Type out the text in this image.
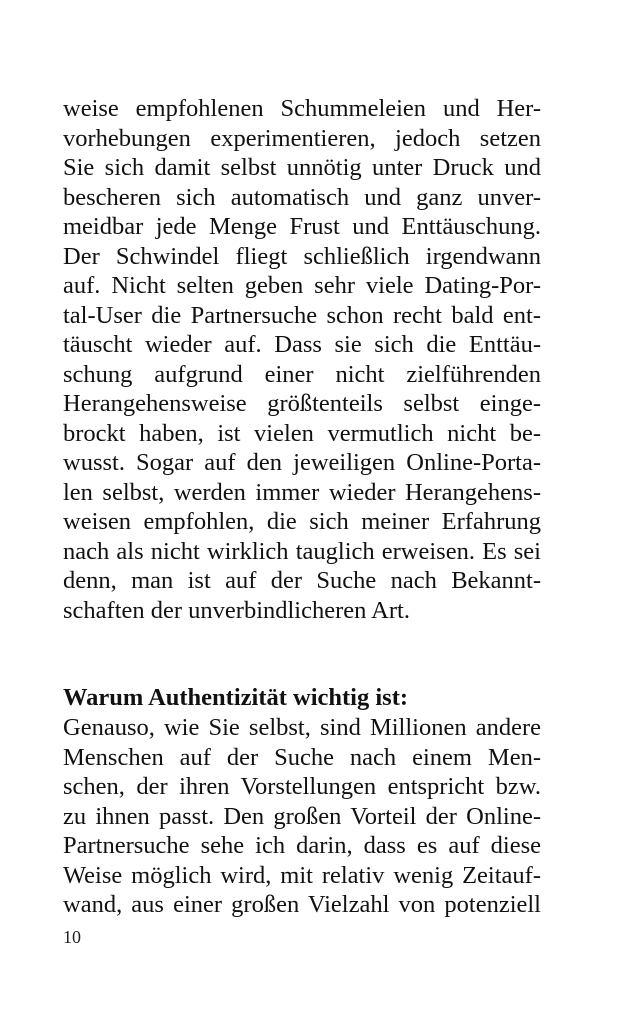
weise empfohlenen Schummeleien und Her-
vorhebungen experimentieren, jedoch setzen
Sie sich damit selbst unnötig unter Druck und
bescheren sich automatisch und ganz unver-
meidbar jede Menge Frust und Enttäuschung.
Der Schwindel fliegt schließlich irgendwann
auf. Nicht selten geben sehr viele Dating-Por-
tal-User die Partnersuche schon recht bald ent-
täuscht wieder auf. Dass sie sich die Enttäu-
schung aufgrund einer nicht zielführenden
Herangehensweise größtenteils selbst einge-
brockt haben, ist vielen vermutlich nicht be-
wusst. Sogar auf den jeweiligen Online-Porta-
len selbst, werden immer wieder Herangehens-
weisen empfohlen, die sich meiner Erfahrung
nach als nicht wirklich tauglich erweisen. Es sei
denn, man ist auf der Suche nach Bekannt-
schaften der unverbindlicheren Art.
Warum Authentizität wichtig ist:
Genauso, wie Sie selbst, sind Millionen andere
Menschen auf der Suche nach einem Men-
schen, der ihren Vorstellungen entspricht bzw.
zu ihnen passt. Den großen Vorteil der Online-
Partnersuche sehe ich darin, dass es auf diese
Weise möglich wird, mit relativ wenig Zeitauf-
wand, aus einer großen Vielzahl von potenziell
10
